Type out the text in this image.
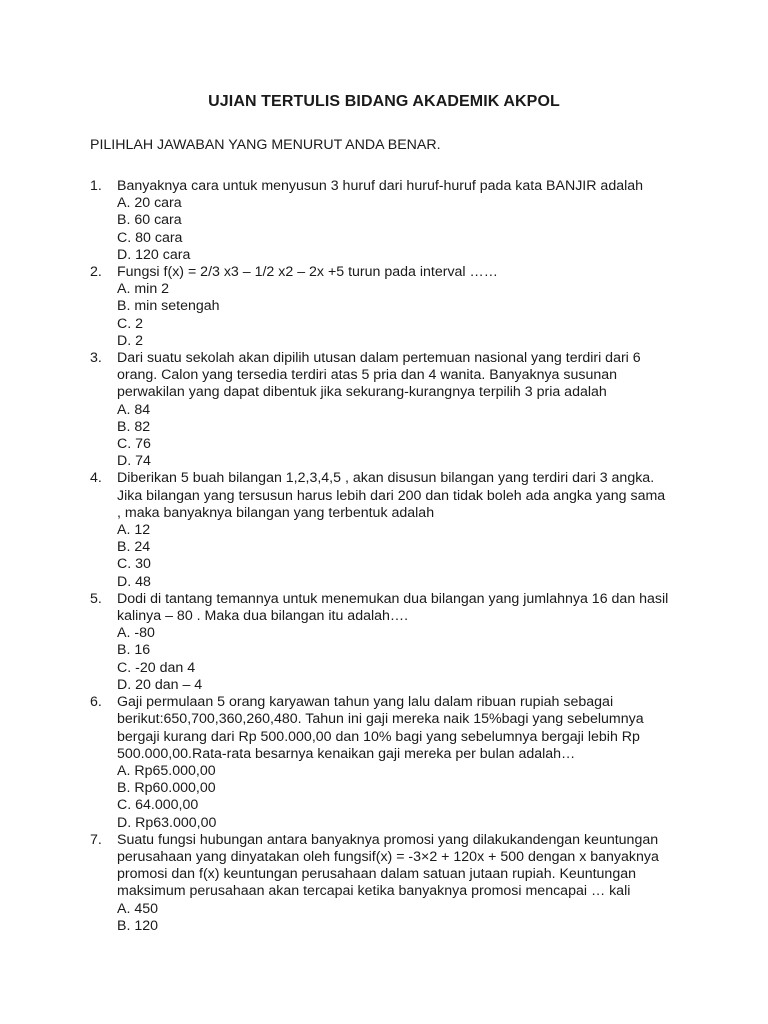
UJIAN TERTULIS BIDANG AKADEMIK AKPOL
PILIHLAH JAWABAN YANG MENURUT ANDA BENAR.
1. Banyaknya cara untuk menyusun 3 huruf dari huruf-huruf pada kata BANJIR adalah
A. 20 cara
B. 60 cara
C. 80 cara
D. 120 cara
2. Fungsi f(x) = 2/3 x3 – 1/2 x2 – 2x +5 turun pada interval ……
A. min 2
B. min setengah
C. 2
D. 2
3. Dari suatu sekolah akan dipilih utusan dalam pertemuan nasional yang terdiri dari 6
orang. Calon yang tersedia terdiri atas 5 pria dan 4 wanita. Banyaknya susunan
perwakilan yang dapat dibentuk jika sekurang-kurangnya terpilih 3 pria adalah
A. 84
B. 82
C. 76
D. 74
4. Diberikan 5 buah bilangan 1,2,3,4,5 , akan disusun bilangan yang terdiri dari 3 angka.
Jika bilangan yang tersusun harus lebih dari 200 dan tidak boleh ada angka yang sama
, maka banyaknya bilangan yang terbentuk adalah
A. 12
B. 24
C. 30
D. 48
5. Dodi di tantang temannya untuk menemukan dua bilangan yang jumlahnya 16 dan hasil
kalinya – 80 . Maka dua bilangan itu adalah….
A. -80
B. 16
C. -20 dan 4
D. 20 dan – 4
6. Gaji permulaan 5 orang karyawan tahun yang lalu dalam ribuan rupiah sebagai
berikut:650,700,360,260,480. Tahun ini gaji mereka naik 15%bagi yang sebelumnya
bergaji kurang dari Rp 500.000,00 dan 10% bagi yang sebelumnya bergaji lebih Rp
500.000,00.Rata-rata besarnya kenaikan gaji mereka per bulan adalah…
A. Rp65.000,00
B. Rp60.000,00
C. 64.000,00
D. Rp63.000,00
7. Suatu fungsi hubungan antara banyaknya promosi yang dilakukandengan keuntungan
perusahaan yang dinyatakan oleh fungsif(x) = -3×2 + 120x + 500 dengan x banyaknya
promosi dan f(x) keuntungan perusahaan dalam satuan jutaan rupiah. Keuntungan
maksimum perusahaan akan tercapai ketika banyaknya promosi mencapai … kali
A. 450
B. 120
